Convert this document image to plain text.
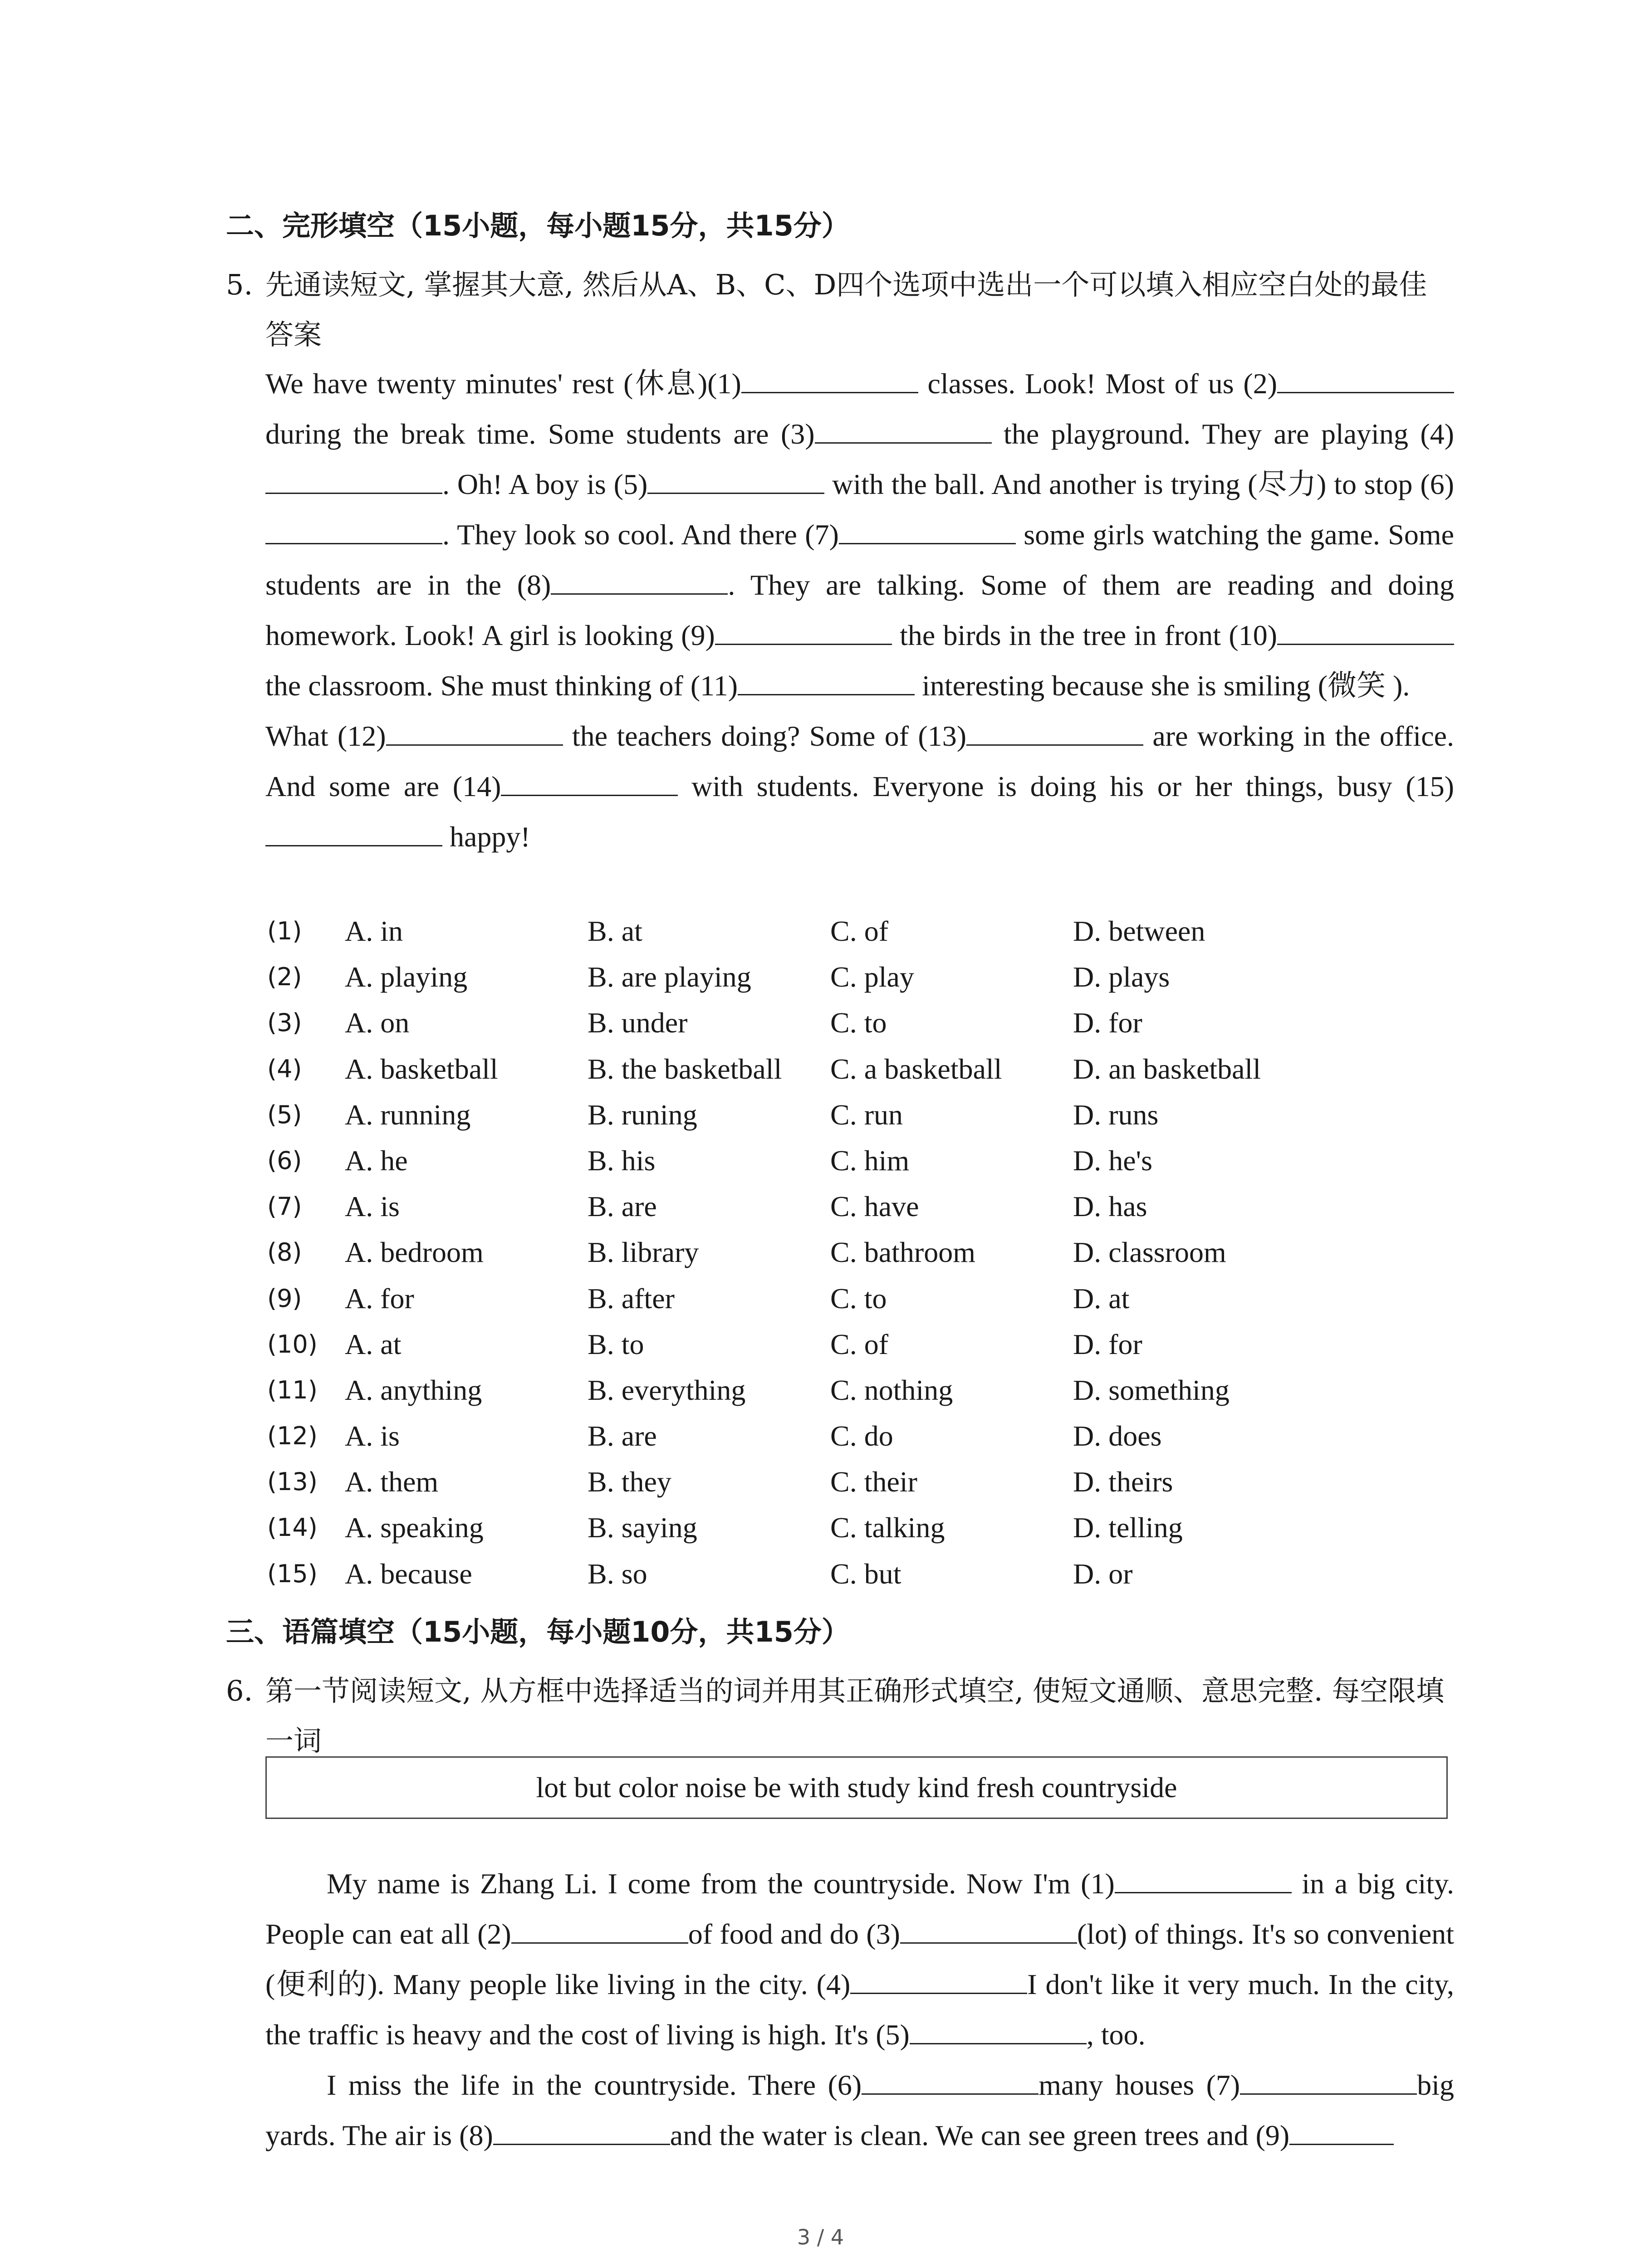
二、完形填空（15小题，每小题15分，共15分）
5. 先通读短文, 掌握其大意, 然后从A、B、C、D四个选项中选出一个可以填入相应空白处的最佳答案

We have twenty minutes' rest (休息)(1)	classes. Look! Most of us (2) during the break time. Some students are (3)	the playground. They are playing (4). Oh! A boy is (5)	with the ball. And another is trying (尽力) to stop (6). They look so cool. And there (7)	some girls watching the game. Some students are in the (8)	. They are talking. Some of them are reading and doing homework. Look! A girl is looking (9)	the birds in the tree in front (10) the classroom. She must thinking of (11)	interesting because she is smiling (微笑 ).

What (12)	the teachers doing? Some of (13)	are working in the office. And some are (14)	with students. Everyone is doing his or her things, busy (15) happy!

(1) A. in	B. at	C. of	D. between
(2) A. playing	B. are playing	C. play	D. plays
(3) A. on	B. under	C. to	D. for
(4) A. basketball	B. the basketball C. a basketball D. an basketball
(5) A. running	B. runing	C. run	D. runs
(6) A. he	B. his	C. him	D. he's
(7) A. is	B. are	C. have	D. has
(8) A. bedroom	B. library	C. bathroom	D. classroom
(9) A. for	B. after	C. to	D. at
(10) A. at	B. to	C. of	D. for
(11) A. anything	B. everything	C. nothing	D. something
(12) A. is	B. are	C. do	D. does
(13) A. them	B. they	C. their	D. theirs
(14) A. speaking	B. saying	C. talking	D. telling
(15) A. because	B. so	C. but	D. or
三、语篇填空（15小题，每小题10分，共15分）
6. 第一节阅读短文, 从方框中选择适当的词并用其正确形式填空, 使短文通顺、意思完整. 每空限填一词
lot but color noise be with study kind fresh countryside

My name is Zhang Li. I come from the countryside. Now I'm (1)	in a big city. People can eat all (2)	of food and do (3)	(lot) of things. It's so convenient (便利的). Many people like living in the city. (4)	I don't like it very much. In the city, the traffic is heavy and the cost of living is high. It's (5)	, too.

I miss the life in the countryside. There (6)	many houses (7)	big yards. The air is (8)	and the water is clean. We can see green trees and (9)

3 / 4
